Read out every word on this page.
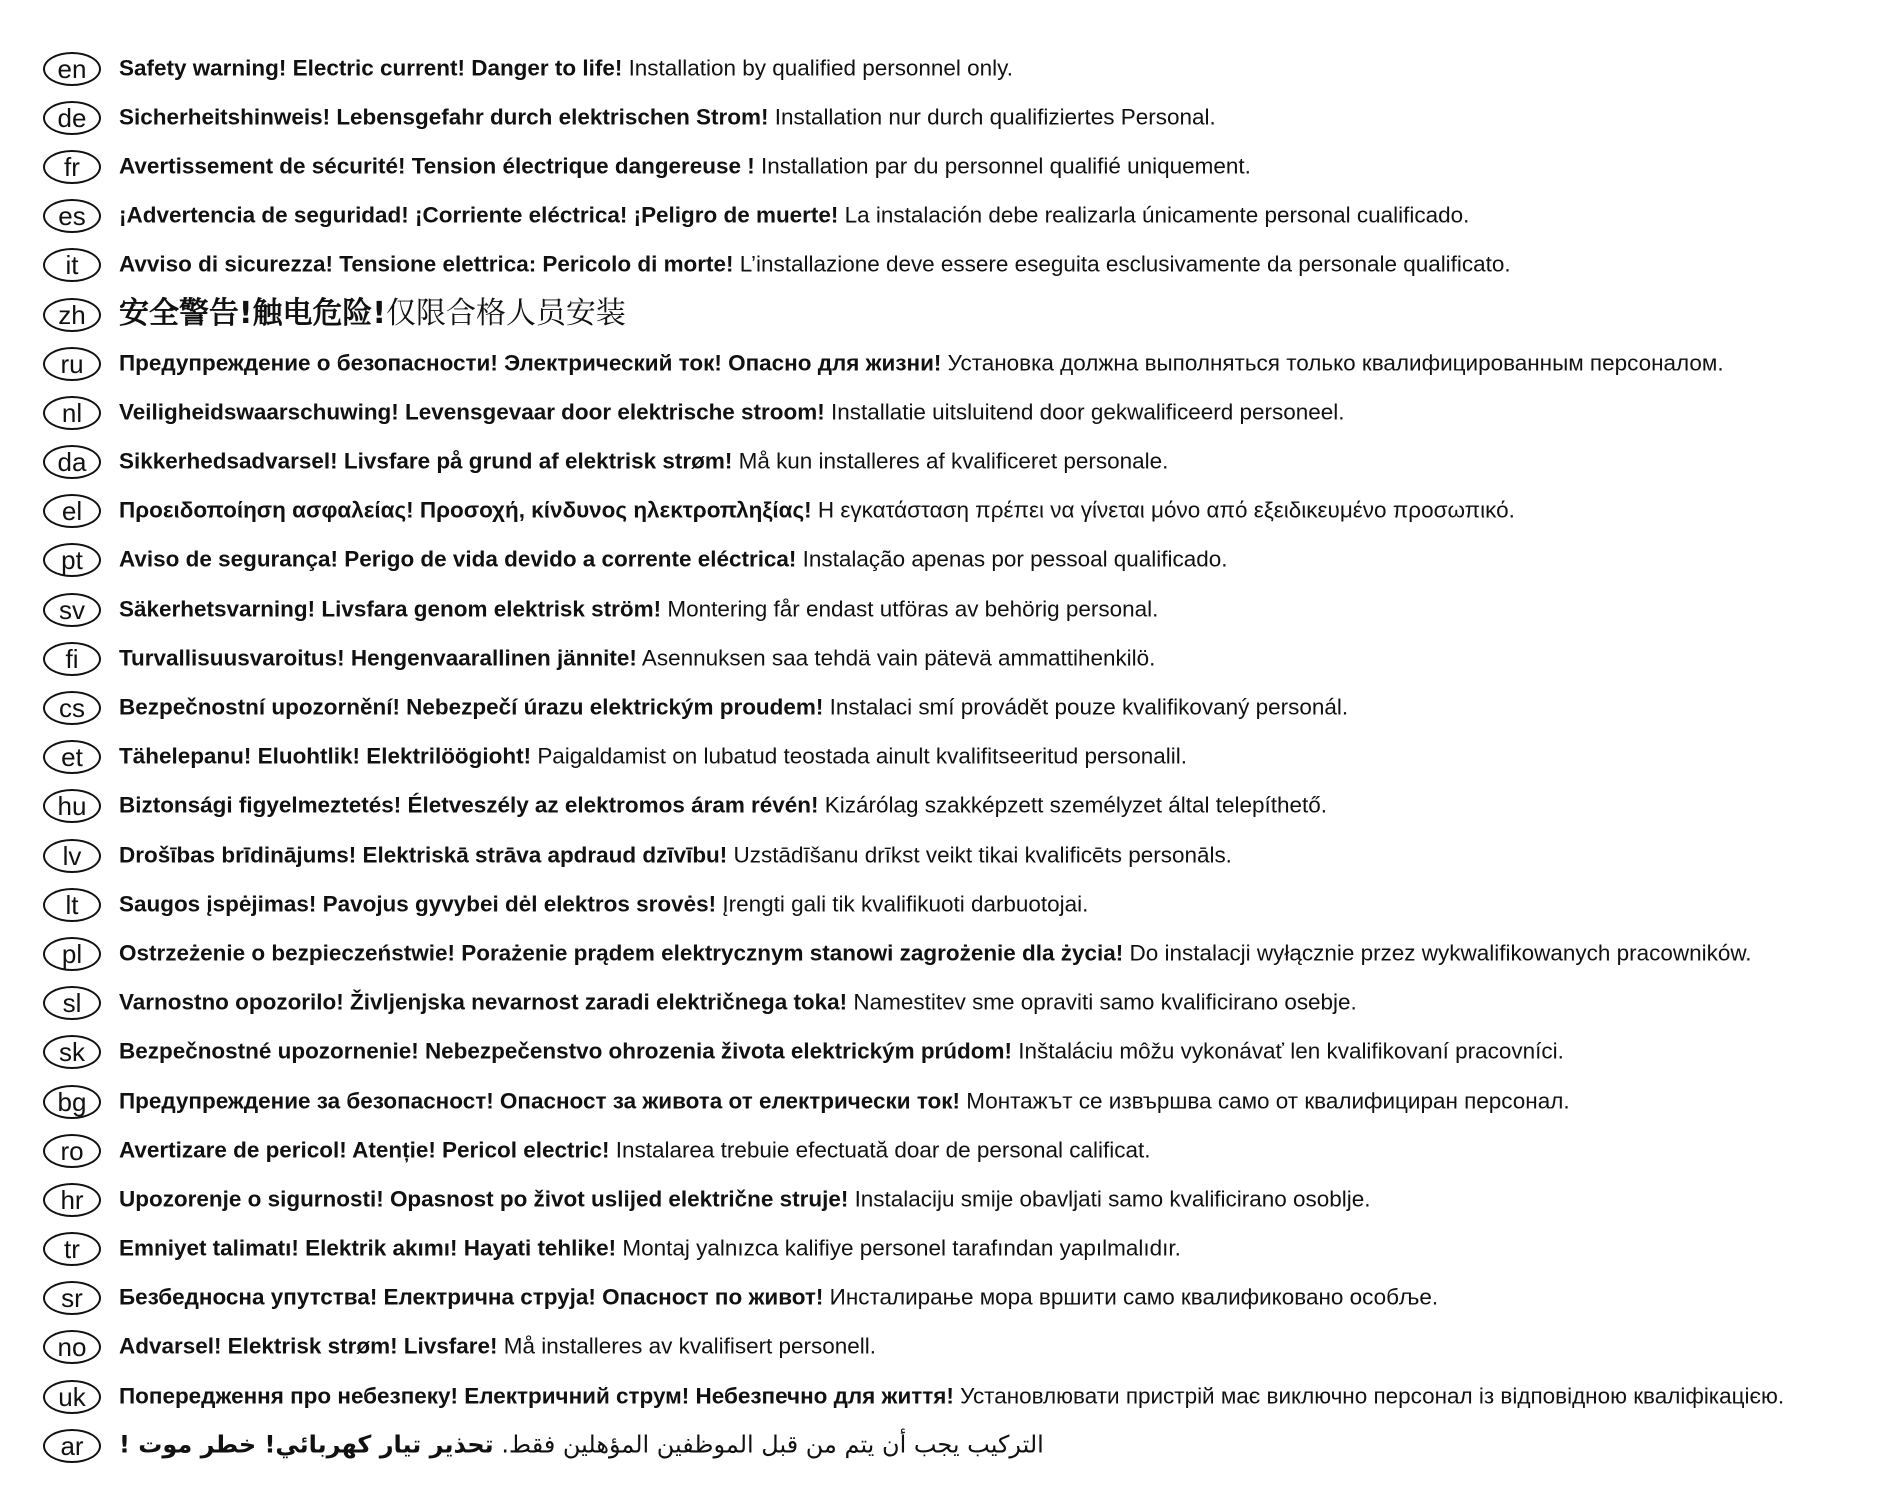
en	Safety warning! Electric current! Danger to life! Installation by qualified personnel only.
de	Sicherheitshinweis! Lebensgefahr durch elektrischen Strom! Installation nur durch qualifiziertes Personal.
fr	Avertissement de sécurité! Tension électrique dangereuse ! Installation par du personnel qualifié uniquement.
es	¡Advertencia de seguridad! ¡Corriente eléctrica! ¡Peligro de muerte! La instalación debe realizarla únicamente personal cualificado.
it	Avviso di sicurezza! Tensione elettrica: Pericolo di morte! L’installazione deve essere eseguita esclusivamente da personale qualificato.
zh	安全警告!触电危险!仅限合格人员安装
ru	Предупреждение о безопасности! Электрический ток! Опасно для жизни! Установка должна выполняться только квалифицированным персоналом.
nl	Veiligheidswaarschuwing! Levensgevaar door elektrische stroom! Installatie uitsluitend door gekwalificeerd personeel.
da	Sikkerhedsadvarsel! Livsfare på grund af elektrisk strøm! Må kun installeres af kvalificeret personale.
el	Προειδοποίηση ασφαλείας! Προσοχή, κίνδυνος ηλεκτροπληξίας! Η εγκατάσταση πρέπει να γίνεται μόνο από εξειδικευμένο προσωπικό.
pt	Aviso de segurança! Perigo de vida devido a corrente eléctrica! Instalação apenas por pessoal qualificado.
sv	Säkerhetsvarning! Livsfara genom elektrisk ström! Montering får endast utföras av behörig personal.
fi	Turvallisuusvaroitus! Hengenvaarallinen jännite! Asennuksen saa tehdä vain pätevä ammattihenkilö.
cs	Bezpečnostní upozornění! Nebezpečí úrazu elektrickým proudem! Instalaci smí provádět pouze kvalifikovaný personál.
et	Tähelepanu! Eluohtlik! Elektrilöögioht! Paigaldamist on lubatud teostada ainult kvalifitseeritud personalil.
hu	Biztonsági figyelmeztetés! Életveszély az elektromos áram révén! Kizárólag szakképzett személyzet által telepíthető.
lv	Drošības brīdinājums! Elektriskā strāva apdraud dzīvību! Uzstādīšanu drīkst veikt tikai kvalificēts personāls.
lt	Saugos įspėjimas! Pavojus gyvybei dėl elektros srovės! Įrengti gali tik kvalifikuoti darbuotojai.
pl	Ostrzeżenie o bezpieczeństwie! Porażenie prądem elektrycznym stanowi zagrożenie dla życia! Do instalacji wyłącznie przez wykwalifikowanych pracowników.
sl	Varnostno opozorilo! Življenjska nevarnost zaradi električnega toka! Namestitev sme opraviti samo kvalificirano osebje.
sk	Bezpečnostné upozornenie! Nebezpečenstvo ohrozenia života elektrickým prúdom! Inštaláciu môžu vykonávať len kvalifikovaní pracovníci.
bg	Предупреждение за безопасност! Опасност за живота от електрически ток! Монтажът се извършва само от квалифициран персонал.
ro	Avertizare de pericol! Atenție! Pericol electric! Instalarea trebuie efectuată doar de personal calificat.
hr	Upozorenje o sigurnosti! Opasnost po život uslijed električne struje! Instalaciju smije obavljati samo kvalificirano osoblje.
tr	Emniyet talimatı! Elektrik akımı! Hayati tehlike! Montaj yalnızca kalifiye personel tarafından yapılmalıdır.
sr	Безбедносна упутства! Електрична струја! Опасност по живот! Инсталирање мора вршити само квалификовано особље.
no	Advarsel! Elektrisk strøm! Livsfare! Må installeres av kvalifisert personell.
uk	Попередження про небезпеку! Електричний струм! Небезпечно для життя! Установлювати пристрій має виключно персонал із відповідною кваліфікацією.
ar	تحذير تيار كهربائي! خطر موت ! التركيب يجب أن يتم من قبل الموظفين المؤهلين فقط.
